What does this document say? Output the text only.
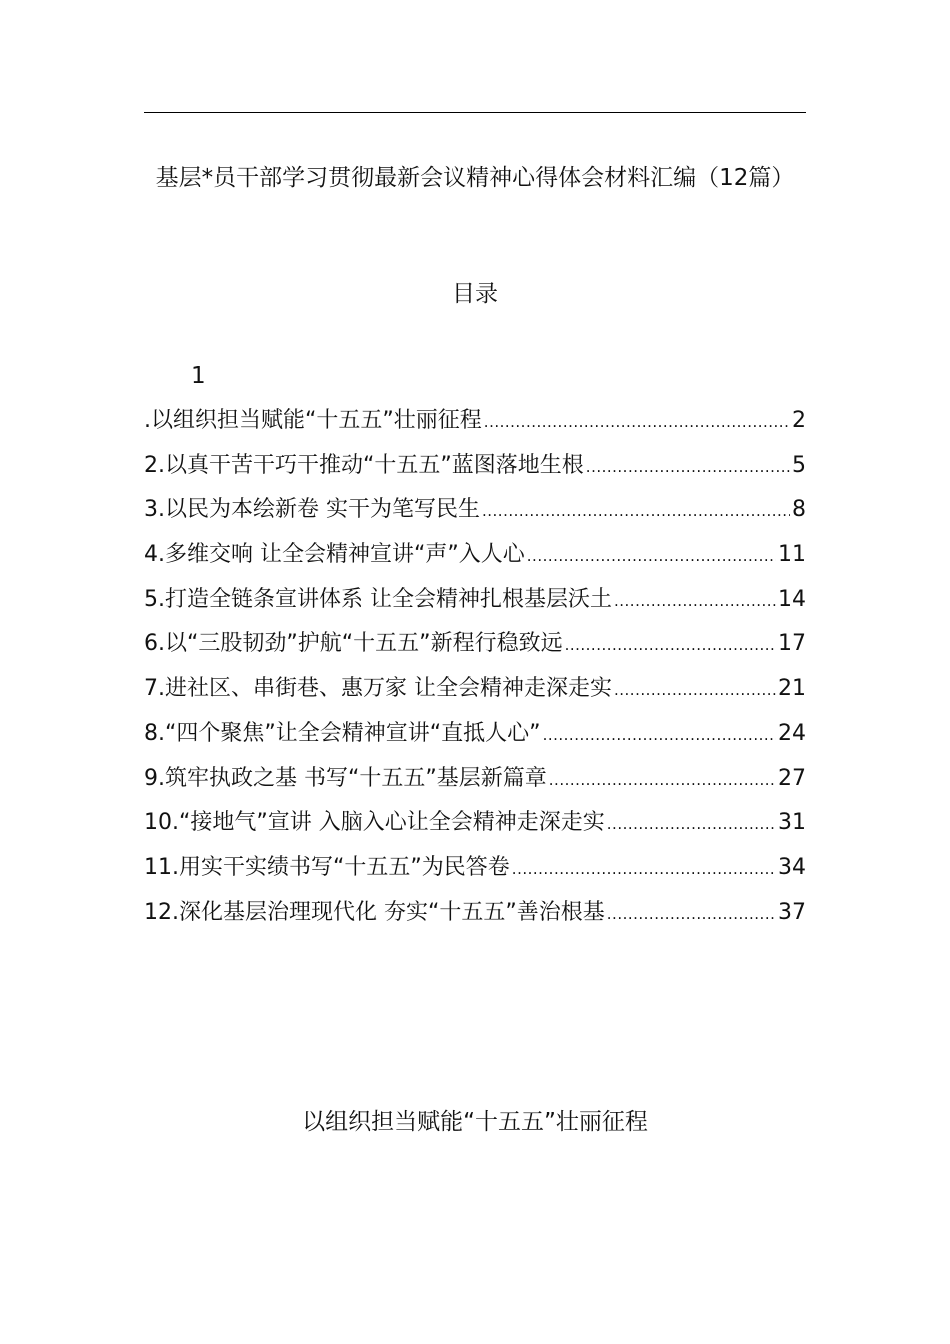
基层*员干部学习贯彻最新会议精神心得体会材料汇编（12篇）
目录
1
.以组织担当赋能“十五五”壮丽征程 .....	2
2.以真干苦干巧干推动“十五五”蓝图落地生根 .....	5
3.以民为本绘新卷 实干为笔写民生 .....	8
4.多维交响 让全会精神宣讲“声”入人心 .....	11
5.打造全链条宣讲体系 让全会精神扎根基层沃土 .....	14
6.以“三股韧劲”护航“十五五”新程行稳致远 .....	17
7.进社区、串街巷、惠万家 让全会精神走深走实 .....	21
8.“四个聚焦”让全会精神宣讲“直抵人心” .....	24
9.筑牢执政之基 书写“十五五”基层新篇章 .....	27
10.“接地气”宣讲 入脑入心让全会精神走深走实 .....	31
11.用实干实绩书写“十五五”为民答卷 .....	34
12.深化基层治理现代化 夯实“十五五”善治根基 .....	37
以组织担当赋能“十五五”壮丽征程
